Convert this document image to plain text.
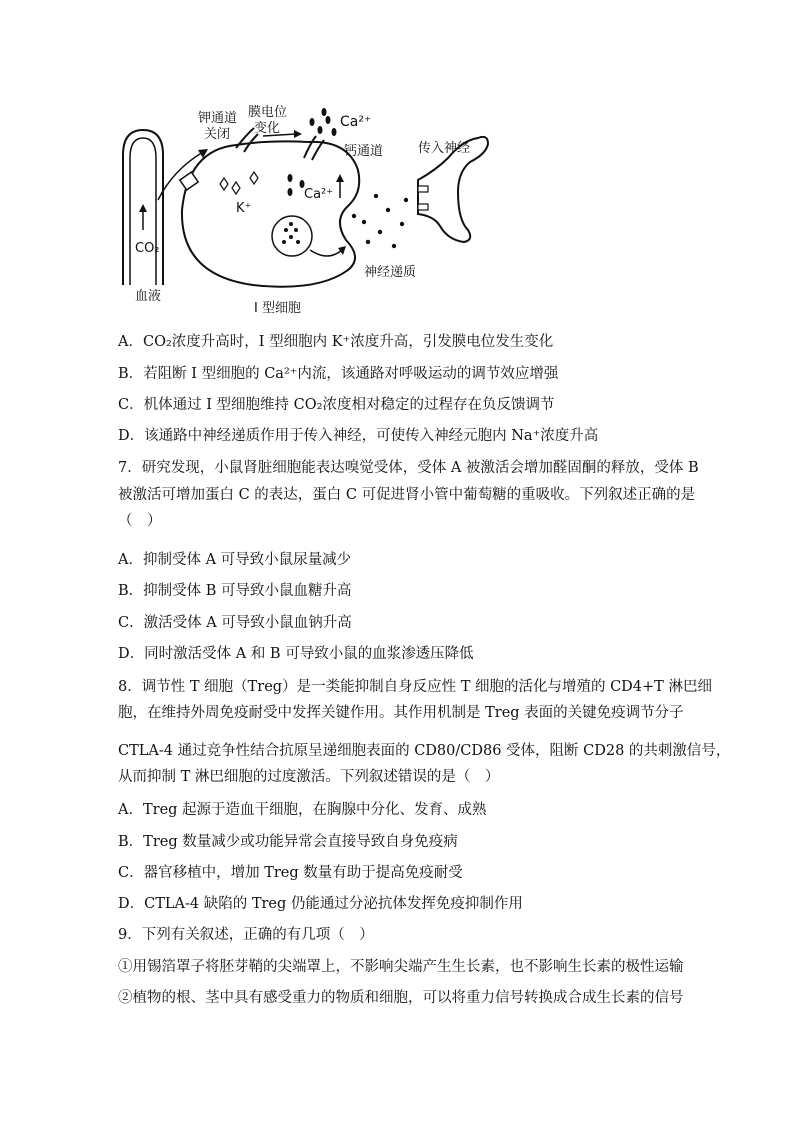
CO₂
血液
K⁺
Ca²⁺
钙通道
Ca²⁺
神经递质
传入神经
钾通道
关闭
膜电位
变化
I 型细胞
A．CO₂浓度升高时，I 型细胞内 K⁺浓度升高，引发膜电位发生变化
B．若阻断 I 型细胞的 Ca²⁺内流，该通路对呼吸运动的调节效应增强
C．机体通过 I 型细胞维持 CO₂浓度相对稳定的过程存在负反馈调节
D．该通路中神经递质作用于传入神经，可使传入神经元胞内 Na⁺浓度升高
7．研究发现，小鼠肾脏细胞能表达嗅觉受体，受体 A 被激活会增加醛固酮的释放，受体 B
被激活可增加蛋白 C 的表达，蛋白 C 可促进肾小管中葡萄糖的重吸收。下列叙述正确的是
（　）
A．抑制受体 A 可导致小鼠尿量减少
B．抑制受体 B 可导致小鼠血糖升高
C．激活受体 A 可导致小鼠血钠升高
D．同时激活受体 A 和 B 可导致小鼠的血浆渗透压降低
8．调节性 T 细胞（Treg）是一类能抑制自身反应性 T 细胞的活化与增殖的 CD4+T 淋巴细
胞，在维持外周免疫耐受中发挥关键作用。其作用机制是 Treg 表面的关键免疫调节分子
CTLA-4 通过竞争性结合抗原呈递细胞表面的 CD80/CD86 受体，阻断 CD28 的共刺激信号，
从而抑制 T 淋巴细胞的过度激活。下列叙述错误的是（　）
A．Treg 起源于造血干细胞，在胸腺中分化、发育、成熟
B．Treg 数量减少或功能异常会直接导致自身免疫病
C．器官移植中，增加 Treg 数量有助于提高免疫耐受
D．CTLA-4 缺陷的 Treg 仍能通过分泌抗体发挥免疫抑制作用
9．下列有关叙述，正确的有几项（　）
①用锡箔罩子将胚芽鞘的尖端罩上，不影响尖端产生生长素，也不影响生长素的极性运输
②植物的根、茎中具有感受重力的物质和细胞，可以将重力信号转换成合成生长素的信号
